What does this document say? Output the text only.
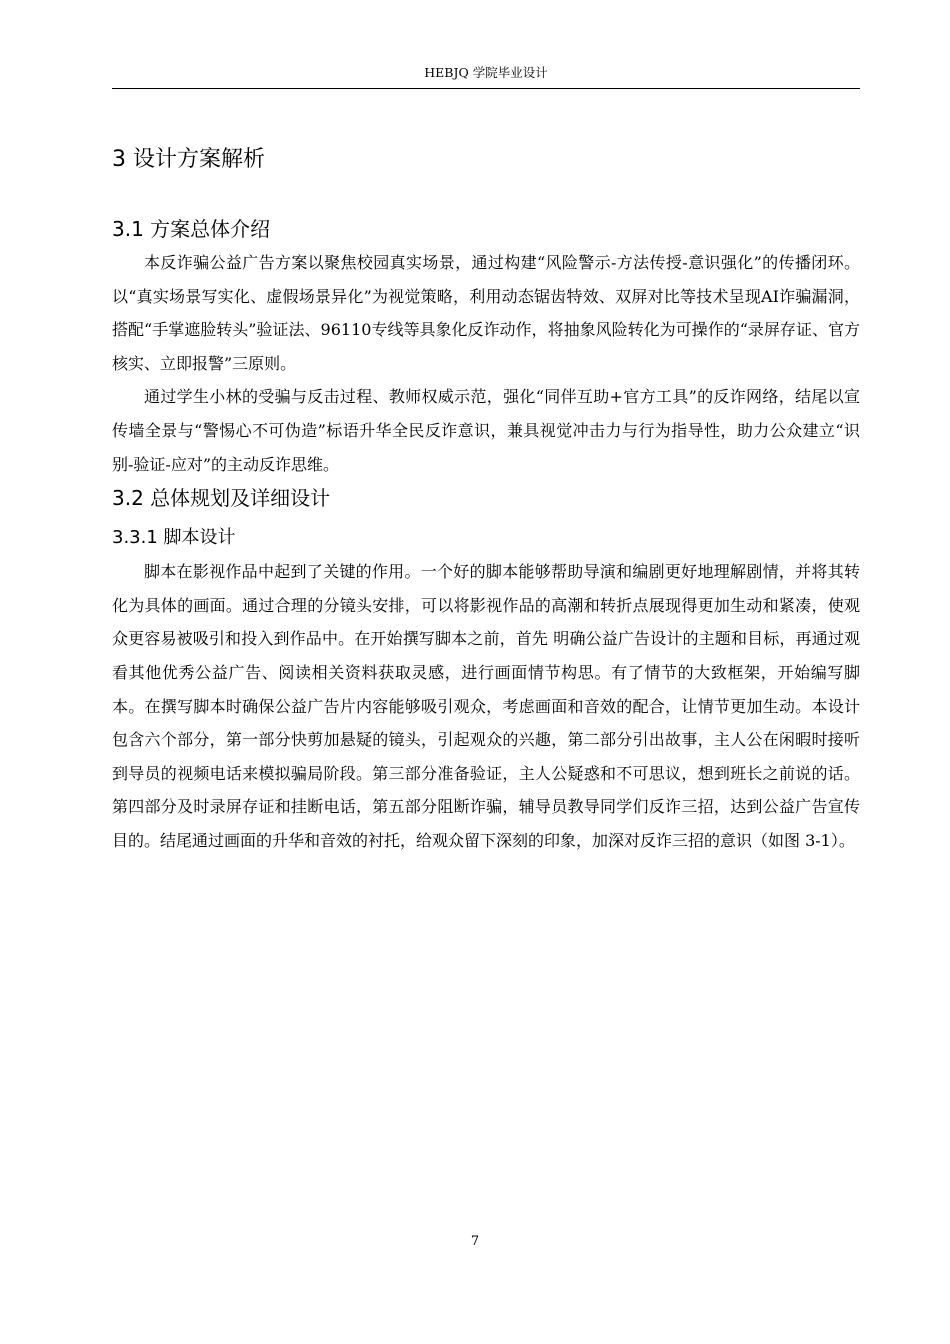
HEBJQ 学院毕业设计
3 设计方案解析
3.1 方案总体介绍

本反诈骗公益广告方案以聚焦校园真实场景，通过构建“风险警示-方法传授-意识强化”的传播闭环。以“真实场景写实化、虚假场景异化”为视觉策略，利用动态锯齿特效、双屏对比等技术呈现AI诈骗漏洞，搭配“手掌遮脸转头”验证法、96110专线等具象化反诈动作，将抽象风险转化为可操作的“录屏存证、官方核实、立即报警”三原则。

通过学生小林的受骗与反击过程、教师权威示范，强化“同伴互助+官方工具”的反诈网络，结尾以宣传墙全景与“警惕心不可伪造”标语升华全民反诈意识，兼具视觉冲击力与行为指导性，助力公众建立“识别-验证-应对”的主动反诈思维。

3.2 总体规划及详细设计
3.3.1 脚本设计

脚本在影视作品中起到了关键的作用。一个好的脚本能够帮助导演和编剧更好地理解剧情，并将其转化为具体的画面。通过合理的分镜头安排，可以将影视作品的高潮和转折点展现得更加生动和紧凑，使观众更容易被吸引和投入到作品中。在开始撰写脚本之前，首先 明确公益广告设计的主题和目标，再通过观看其他优秀公益广告、阅读相关资料获取灵感，进行画面情节构思。有了情节的大致框架，开始编写脚本。在撰写脚本时确保公益广告片内容能够吸引观众，考虑画面和音效的配合，让情节更加生动。本设计包含六个部分，第一部分快剪加悬疑的镜头，引起观众的兴趣，第二部分引出故事，主人公在闲暇时接听到导员的视频电话来模拟骗局阶段。第三部分准备验证，主人公疑惑和不可思议，想到班长之前说的话。第四部分及时录屏存证和挂断电话，第五部分阻断诈骗，辅导员教导同学们反诈三招，达到公益广告宣传目的。结尾通过画面的升华和音效的衬托，给观众留下深刻的印象，加深对反诈三招的意识（如图 3-1）。

7
